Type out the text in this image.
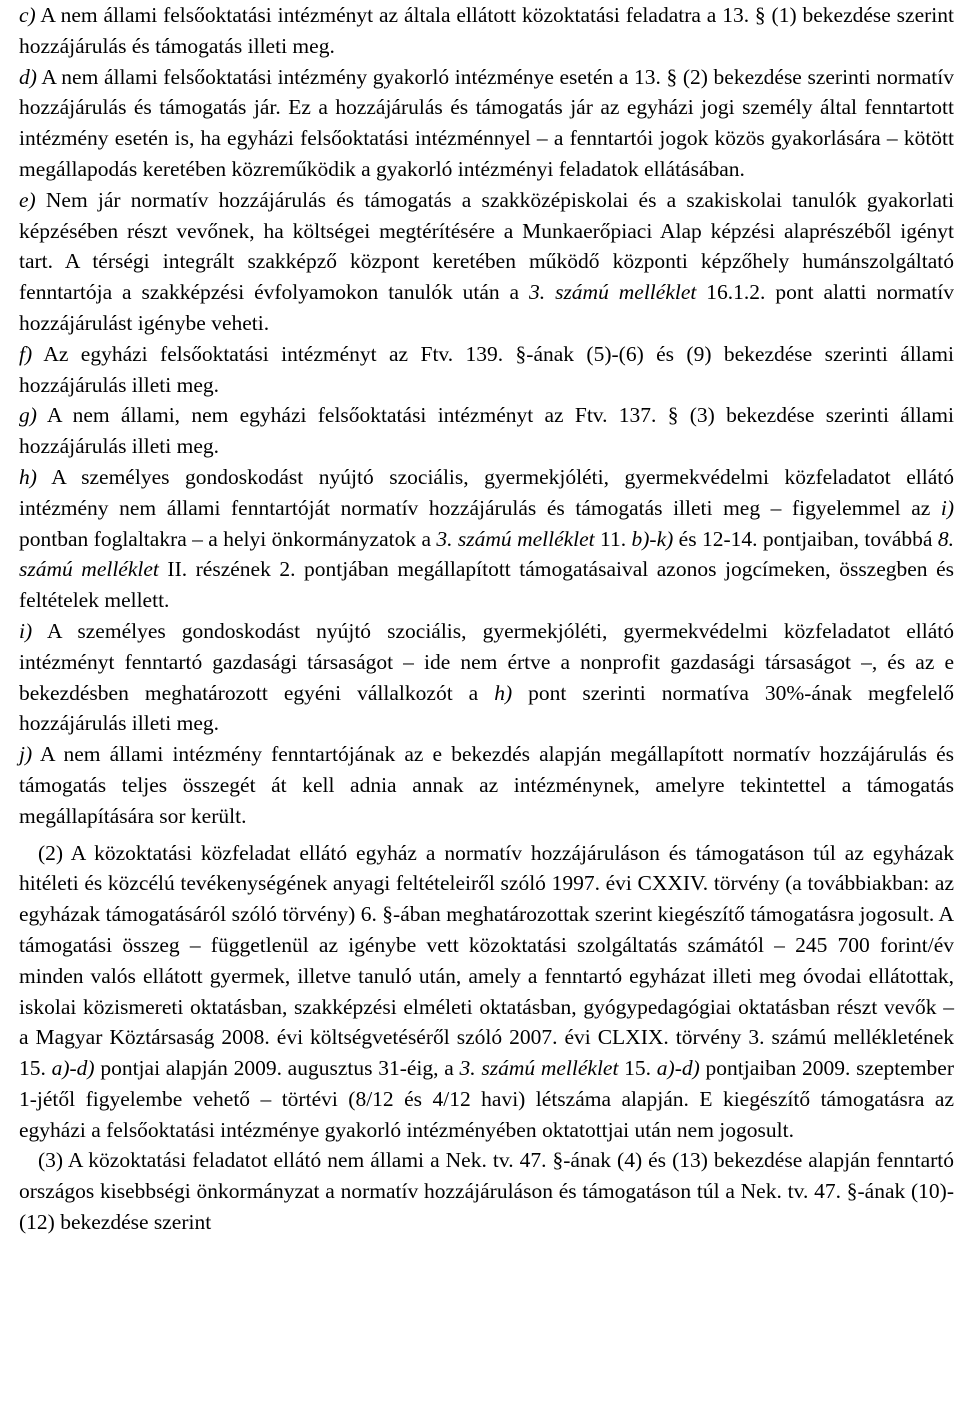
c) A nem állami felsőoktatási intézményt az általa ellátott közoktatási feladatra a 13. § (1) bekezdése szerint hozzájárulás és támogatás illeti meg.

d) A nem állami felsőoktatási intézmény gyakorló intézménye esetén a 13. § (2) bekezdése szerinti normatív hozzájárulás és támogatás jár. Ez a hozzájárulás és támogatás jár az egyházi jogi személy által fenntartott intézmény esetén is, ha egyházi felsőoktatási intézménnyel – a fenntartói jogok közös gyakorlására – kötött megállapodás keretében közreműködik a gyakorló intézményi feladatok ellátásában.

e) Nem jár normatív hozzájárulás és támogatás a szakközépiskolai és a szakiskolai tanulók gyakorlati képzésében részt vevőnek, ha költségei megtérítésére a Munkaerőpiaci Alap képzési alaprészéből igényt tart. A térségi integrált szakképző központ keretében működő központi képzőhely humánszolgáltató fenntartója a szakképzési évfolyamokon tanulók után a 3. számú melléklet 16.1.2. pont alatti normatív hozzájárulást igénybe veheti.

f) Az egyházi felsőoktatási intézményt az Ftv. 139. §-ának (5)-(6) és (9) bekezdése szerinti állami hozzájárulás illeti meg.

g) A nem állami, nem egyházi felsőoktatási intézményt az Ftv. 137. § (3) bekezdése szerinti állami hozzájárulás illeti meg.

h) A személyes gondoskodást nyújtó szociális, gyermekjóléti, gyermekvédelmi közfeladatot ellátó intézmény nem állami fenntartóját normatív hozzájárulás és támogatás illeti meg – figyelemmel az i) pontban foglaltakra – a helyi önkormányzatok a 3. számú melléklet 11. b)-k) és 12-14. pontjaiban, továbbá 8. számú melléklet II. részének 2. pontjában megállapított támogatásaival azonos jogcímeken, összegben és feltételek mellett.

i) A személyes gondoskodást nyújtó szociális, gyermekjóléti, gyermekvédelmi közfeladatot ellátó intézményt fenntartó gazdasági társaságot – ide nem értve a nonprofit gazdasági társaságot –, és az e bekezdésben meghatározott egyéni vállalkozót a h) pont szerinti normatíva 30%-ának megfelelő hozzájárulás illeti meg.

j) A nem állami intézmény fenntartójának az e bekezdés alapján megállapított normatív hozzájárulás és támogatás teljes összegét át kell adnia annak az intézménynek, amelyre tekintettel a támogatás megállapítására sor került.

(2) A közoktatási közfeladat ellátó egyház a normatív hozzájáruláson és támogatáson túl az egyházak hitéleti és közcélú tevékenységének anyagi feltételeiről szóló 1997. évi CXXIV. törvény (a továbbiakban: az egyházak támogatásáról szóló törvény) 6. §-ában meghatározottak szerint kiegészítő támogatásra jogosult. A támogatási összeg – függetlenül az igénybe vett közoktatási szolgáltatás számától – 245 700 forint/év minden valós ellátott gyermek, illetve tanuló után, amely a fenntartó egyházat illeti meg óvodai ellátottak, iskolai közismereti oktatásban, szakképzési elméleti oktatásban, gyógypedagógiai oktatásban részt vevők – a Magyar Köztársaság 2008. évi költségvetéséről szóló 2007. évi CLXIX. törvény 3. számú mellékletének 15. a)-d) pontjai alapján 2009. augusztus 31-éig, a 3. számú melléklet 15. a)-d) pontjaiban 2009. szeptember 1-jétől figyelembe vehető – törtévi (8/12 és 4/12 havi) létszáma alapján. E kiegészítő támogatásra az egyházi a felsőoktatási intézménye gyakorló intézményében oktatottjai után nem jogosult.

(3) A közoktatási feladatot ellátó nem állami a Nek. tv. 47. §-ának (4) és (13) bekezdése alapján fenntartó országos kisebbségi önkormányzat a normatív hozzájáruláson és támogatáson túl a Nek. tv. 47. §-ának (10)-(12) bekezdése szerint
